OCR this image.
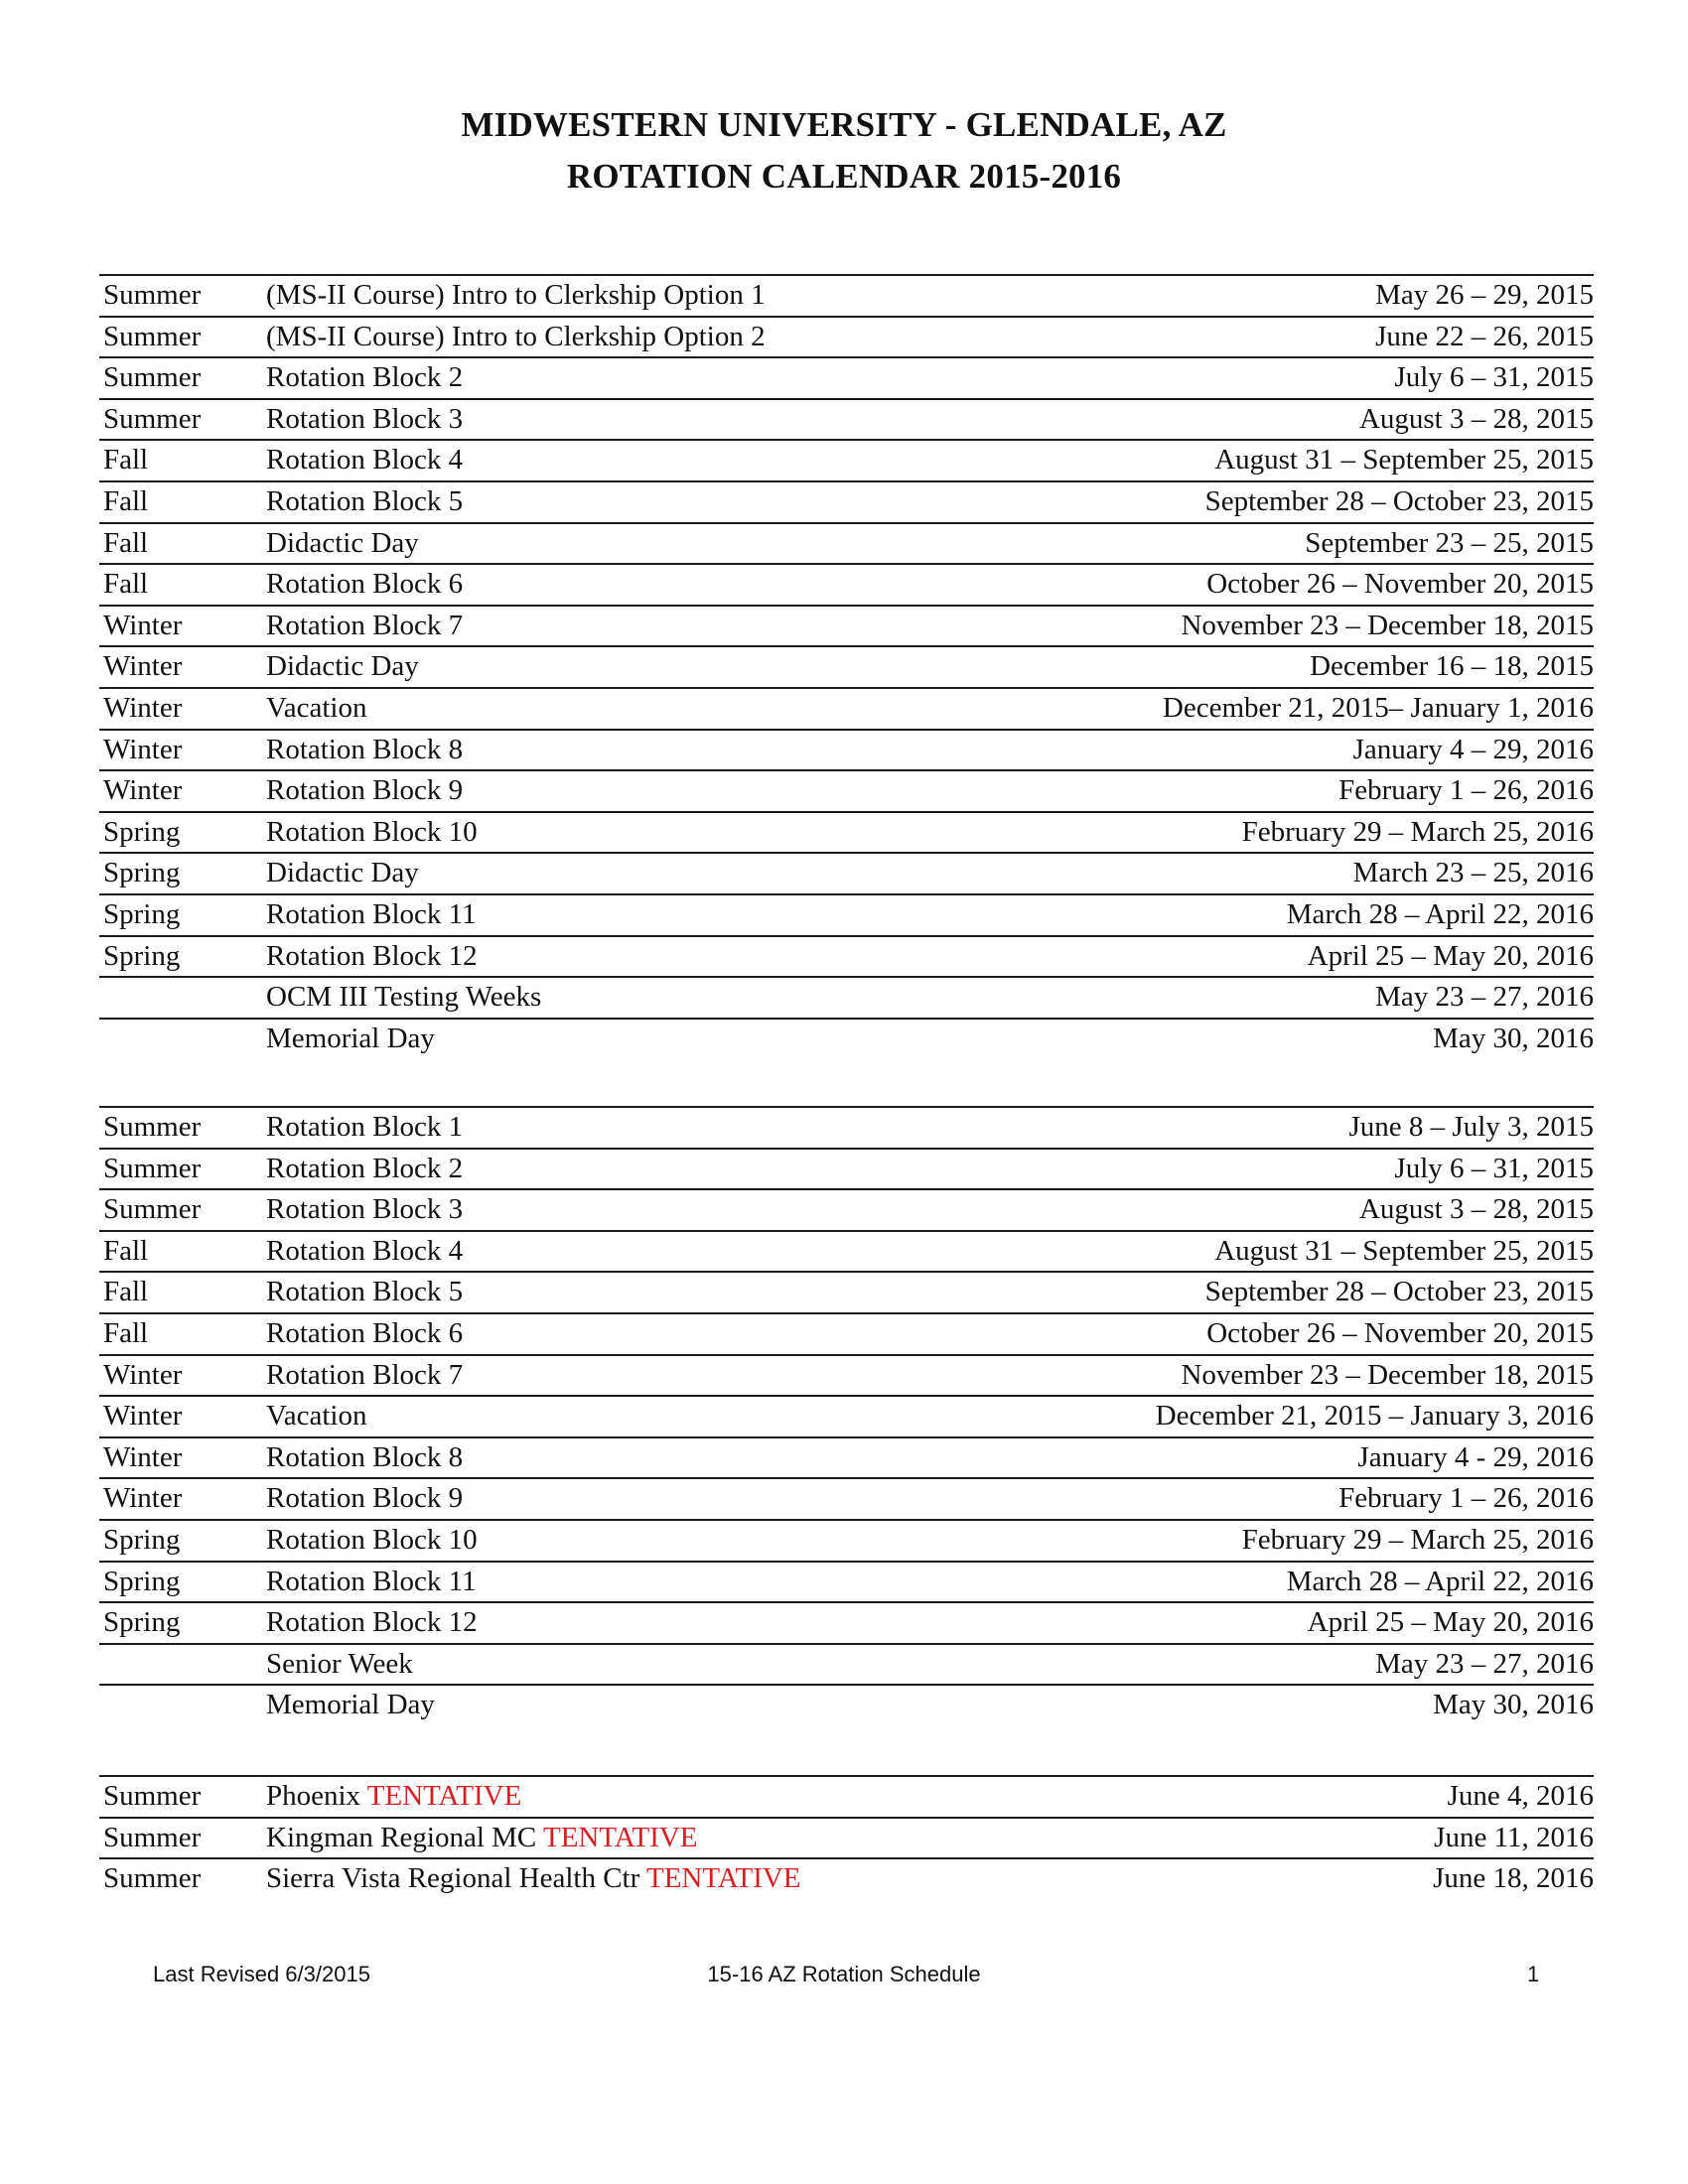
MIDWESTERN UNIVERSITY - GLENDALE, AZ
ROTATION CALENDAR 2015-2016
Summer (MS-II Course) Intro to Clerkship Option 1	May 26 – 29, 2015
Summer (MS-II Course) Intro to Clerkship Option 2	June 22 – 26, 2015
Summer Rotation Block 2	July 6 – 31, 2015
Summer Rotation Block 3	August 3 – 28, 2015
Fall	Rotation Block 4	August 31 – September 25, 2015
Fall	Rotation Block 5	September 28 – October 23, 2015
Fall	Didactic Day	September 23 – 25, 2015
Fall	Rotation Block 6	October 26 – November 20, 2015
Winter	Rotation Block 7	November 23 – December 18, 2015
Winter	Didactic Day	December 16 – 18, 2015
Winter	Vacation	December 21, 2015– January 1, 2016
Winter	Rotation Block 8	January 4 – 29, 2016
Winter	Rotation Block 9	February 1 – 26, 2016
Spring	Rotation Block 10	February 29 – March 25, 2016
Spring	Didactic Day	March 23 – 25, 2016
Spring	Rotation Block 11	March 28 – April 22, 2016
Spring	Rotation Block 12	April 25 – May 20, 2016
OCM III Testing Weeks	May 23 – 27, 2016
Memorial Day	May 30, 2016
Summer Rotation Block 1	June 8 – July 3, 2015
Summer Rotation Block 2	July 6 – 31, 2015
Summer Rotation Block 3	August 3 – 28, 2015
Fall	Rotation Block 4	August 31 – September 25, 2015
Fall	Rotation Block 5	September 28 – October 23, 2015
Fall	Rotation Block 6	October 26 – November 20, 2015
Winter	Rotation Block 7	November 23 – December 18, 2015
Winter	Vacation	December 21, 2015 – January 3, 2016
Winter	Rotation Block 8	January 4 - 29, 2016
Winter	Rotation Block 9	February 1 – 26, 2016
Spring	Rotation Block 10	February 29 – March 25, 2016
Spring	Rotation Block 11	March 28 – April 22, 2016
Spring	Rotation Block 12	April 25 – May 20, 2016
Senior Week	May 23 – 27, 2016
Memorial Day	May 30, 2016
Summer Phoenix TENTATIVE	June 4, 2016
Summer Kingman Regional MC TENTATIVE	June 11, 2016
Summer Sierra Vista Regional Health Ctr TENTATIVE	June 18, 2016
Last Revised 6/3/2015	15-16 AZ Rotation Schedule	1
